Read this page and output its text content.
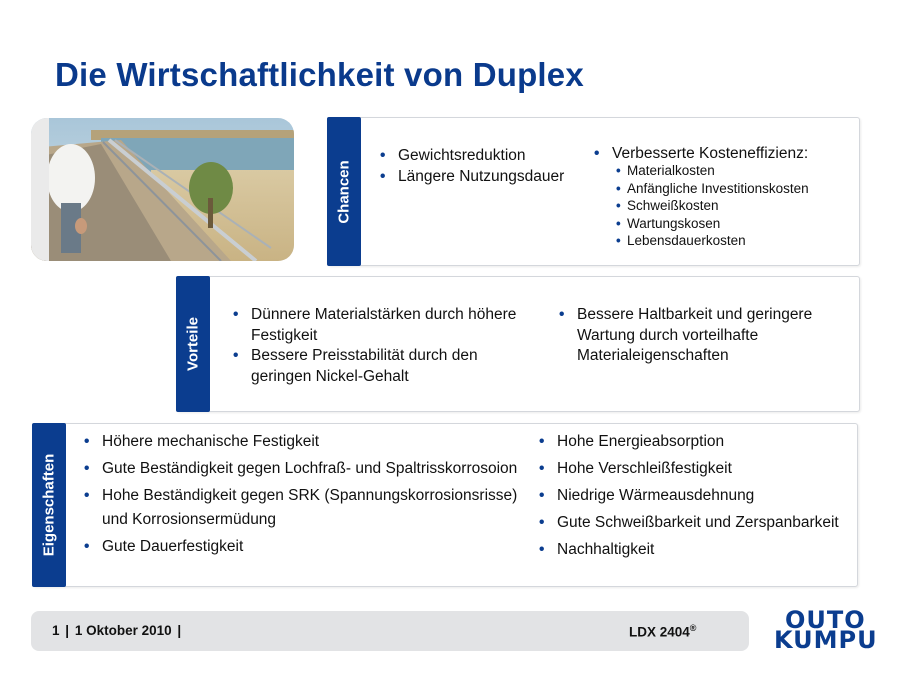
Die Wirtschaftlichkeit von Duplex
Chancen
• Gewichtsreduktion
• Längere Nutzungsdauer
• Verbesserte Kosteneffizienz:
• Materialkosten
• Anfängliche Investitionskosten
• Schweißkosten
• Wartungskosen
• Lebensdauerkosten
Vorteile
• Dünnere Materialstärken durch höhere Festigkeit
• Bessere Preisstabilität durch den geringen Nickel-Gehalt
• Bessere Haltbarkeit und geringere Wartung durch vorteilhafte Materialeigenschaften
Eigenschaften
• Höhere mechanische Festigkeit
• Gute Beständigkeit gegen Lochfraß- und Spaltrisskorrosoion
• Hohe Beständigkeit gegen SRK (Spannungskorrosionsrisse) und Korrosionsermüdung
• Gute Dauerfestigkeit
• Hohe Energieabsorption
• Hohe Verschleißfestigkeit
• Niedrige Wärmeausdehnung
• Gute Schweißbarkeit und Zerspanbarkeit
• Nachhaltigkeit
1 | 1 Oktober 2010 |	LDX 2404®	OUTO
KUMPU
